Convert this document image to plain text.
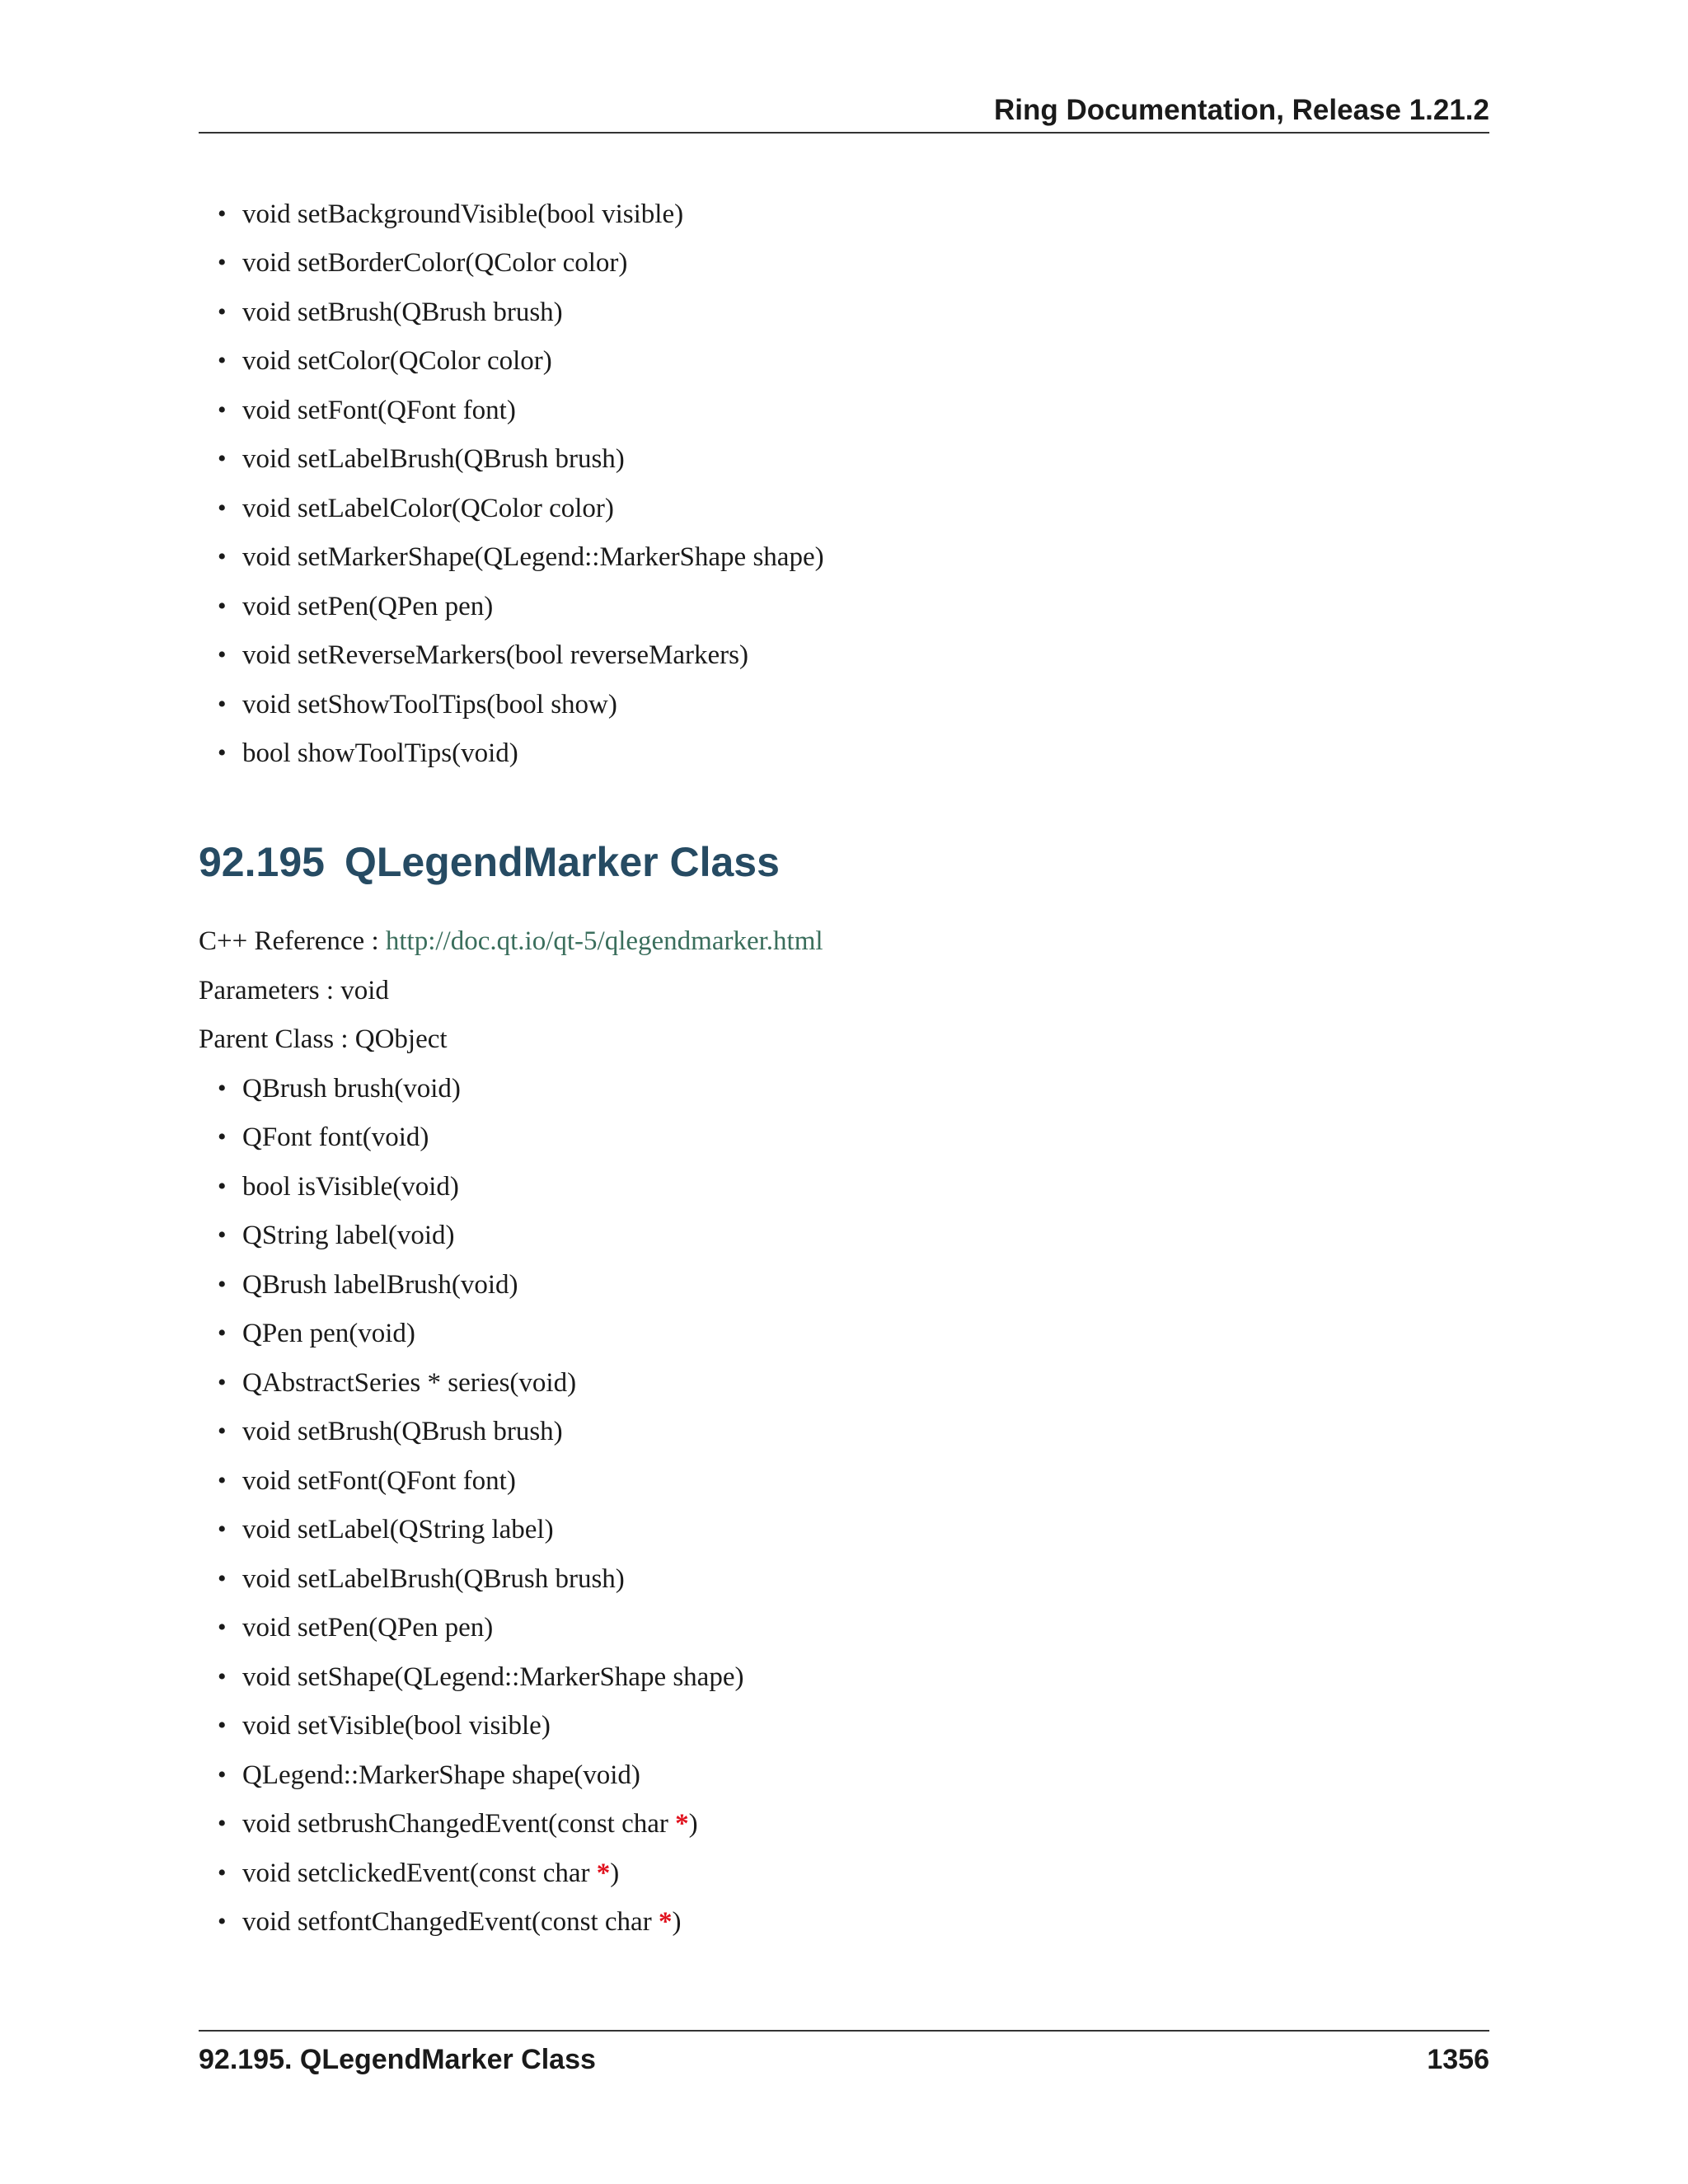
Ring Documentation, Release 1.21.2
• void setBackgroundVisible(bool visible)
• void setBorderColor(QColor color)
• void setBrush(QBrush brush)
• void setColor(QColor color)
• void setFont(QFont font)
• void setLabelBrush(QBrush brush)
• void setLabelColor(QColor color)
• void setMarkerShape(QLegend::MarkerShape shape)
• void setPen(QPen pen)
• void setReverseMarkers(bool reverseMarkers)
• void setShowToolTips(bool show)
• bool showToolTips(void)
92.195 QLegendMarker Class
C++ Reference : http://doc.qt.io/qt-5/qlegendmarker.html
Parameters : void
Parent Class : QObject
• QBrush brush(void)
• QFont font(void)
• bool isVisible(void)
• QString label(void)
• QBrush labelBrush(void)
• QPen pen(void)
• QAbstractSeries * series(void)
• void setBrush(QBrush brush)
• void setFont(QFont font)
• void setLabel(QString label)
• void setLabelBrush(QBrush brush)
• void setPen(QPen pen)
• void setShape(QLegend::MarkerShape shape)
• void setVisible(bool visible)
• QLegend::MarkerShape shape(void)
• void setbrushChangedEvent(const char *)
• void setclickedEvent(const char *)
• void setfontChangedEvent(const char *)
92.195. QLegendMarker Class	1356
